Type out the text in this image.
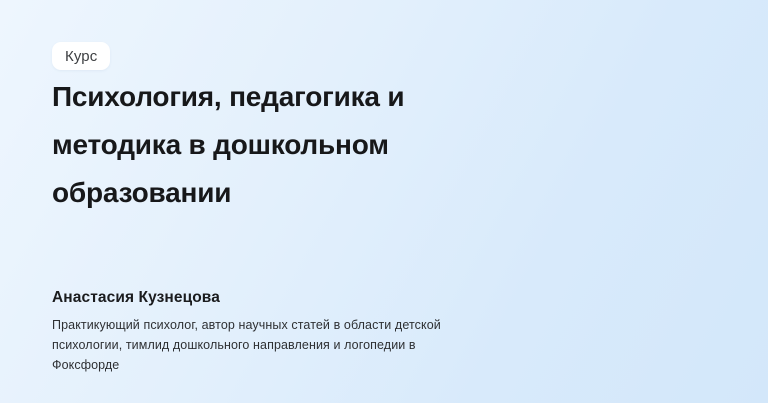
Курс
Психология, педагогика и методика в дошкольном образовании
Анастасия Кузнецова
Практикующий психолог, автор научных статей в области детской психологии, тимлид дошкольного направления и логопедии в Фоксфорде
